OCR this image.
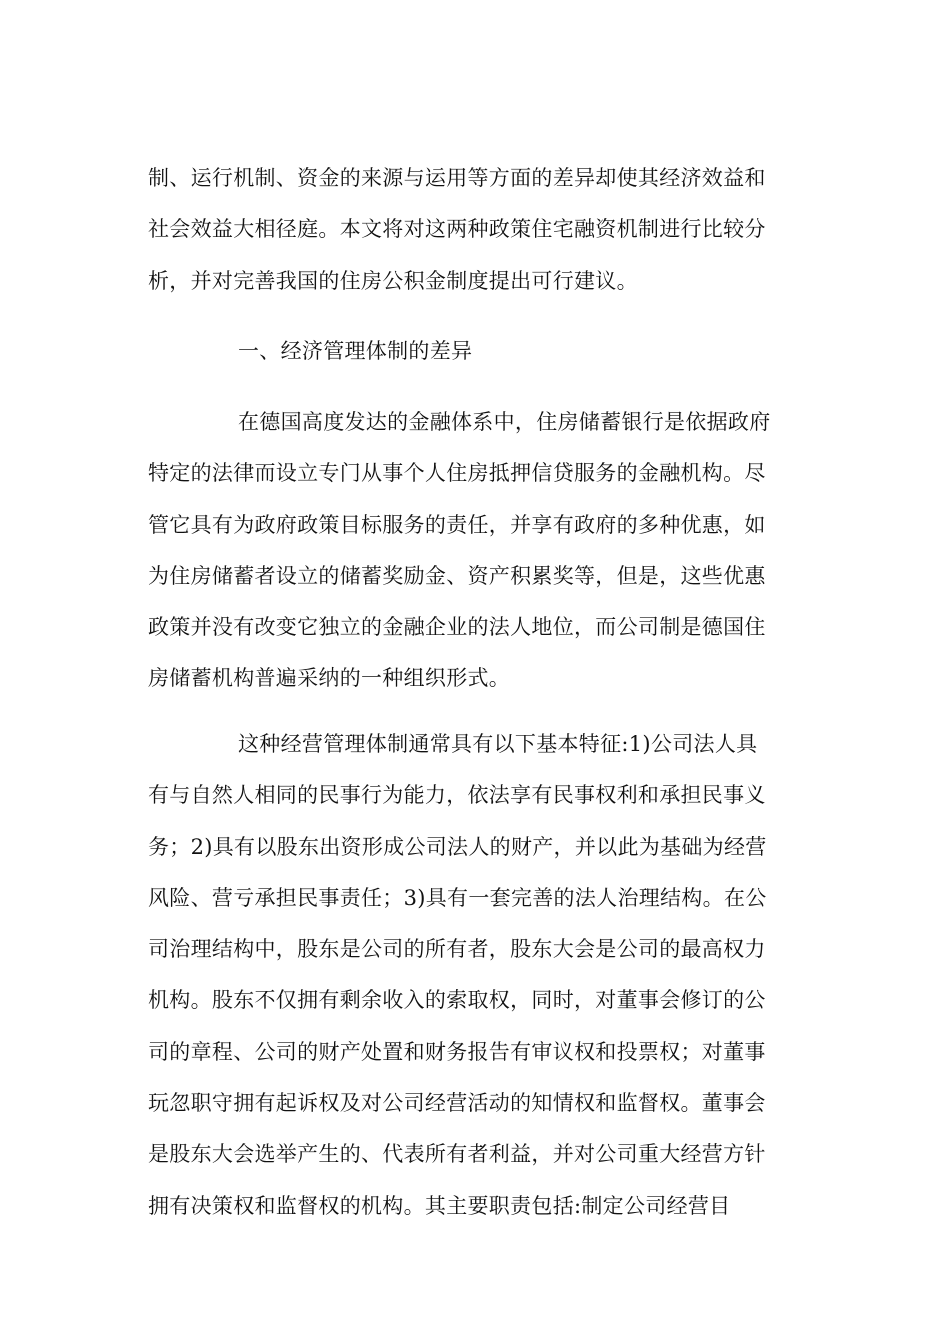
制、运行机制、资金的来源与运用等方面的差异却使其经济效益和
社会效益大相径庭。本文将对这两种政策住宅融资机制进行比较分
析，并对完善我国的住房公积金制度提出可行建议。
一、经济管理体制的差异
在德国高度发达的金融体系中，住房储蓄银行是依据政府
特定的法律而设立专门从事个人住房抵押信贷服务的金融机构。尽
管它具有为政府政策目标服务的责任，并享有政府的多种优惠，如
为住房储蓄者设立的储蓄奖励金、资产积累奖等，但是，这些优惠
政策并没有改变它独立的金融企业的法人地位，而公司制是德国住
房储蓄机构普遍采纳的一种组织形式。
这种经营管理体制通常具有以下基本特征:1)公司法人具
有与自然人相同的民事行为能力，依法享有民事权利和承担民事义
务；2)具有以股东出资形成公司法人的财产，并以此为基础为经营
风险、营亏承担民事责任；3)具有一套完善的法人治理结构。在公
司治理结构中，股东是公司的所有者，股东大会是公司的最高权力
机构。股东不仅拥有剩余收入的索取权，同时，对董事会修订的公
司的章程、公司的财产处置和财务报告有审议权和投票权；对董事
玩忽职守拥有起诉权及对公司经营活动的知情权和监督权。董事会
是股东大会选举产生的、代表所有者利益，并对公司重大经营方针
拥有决策权和监督权的机构。其主要职责包括:制定公司经营目
